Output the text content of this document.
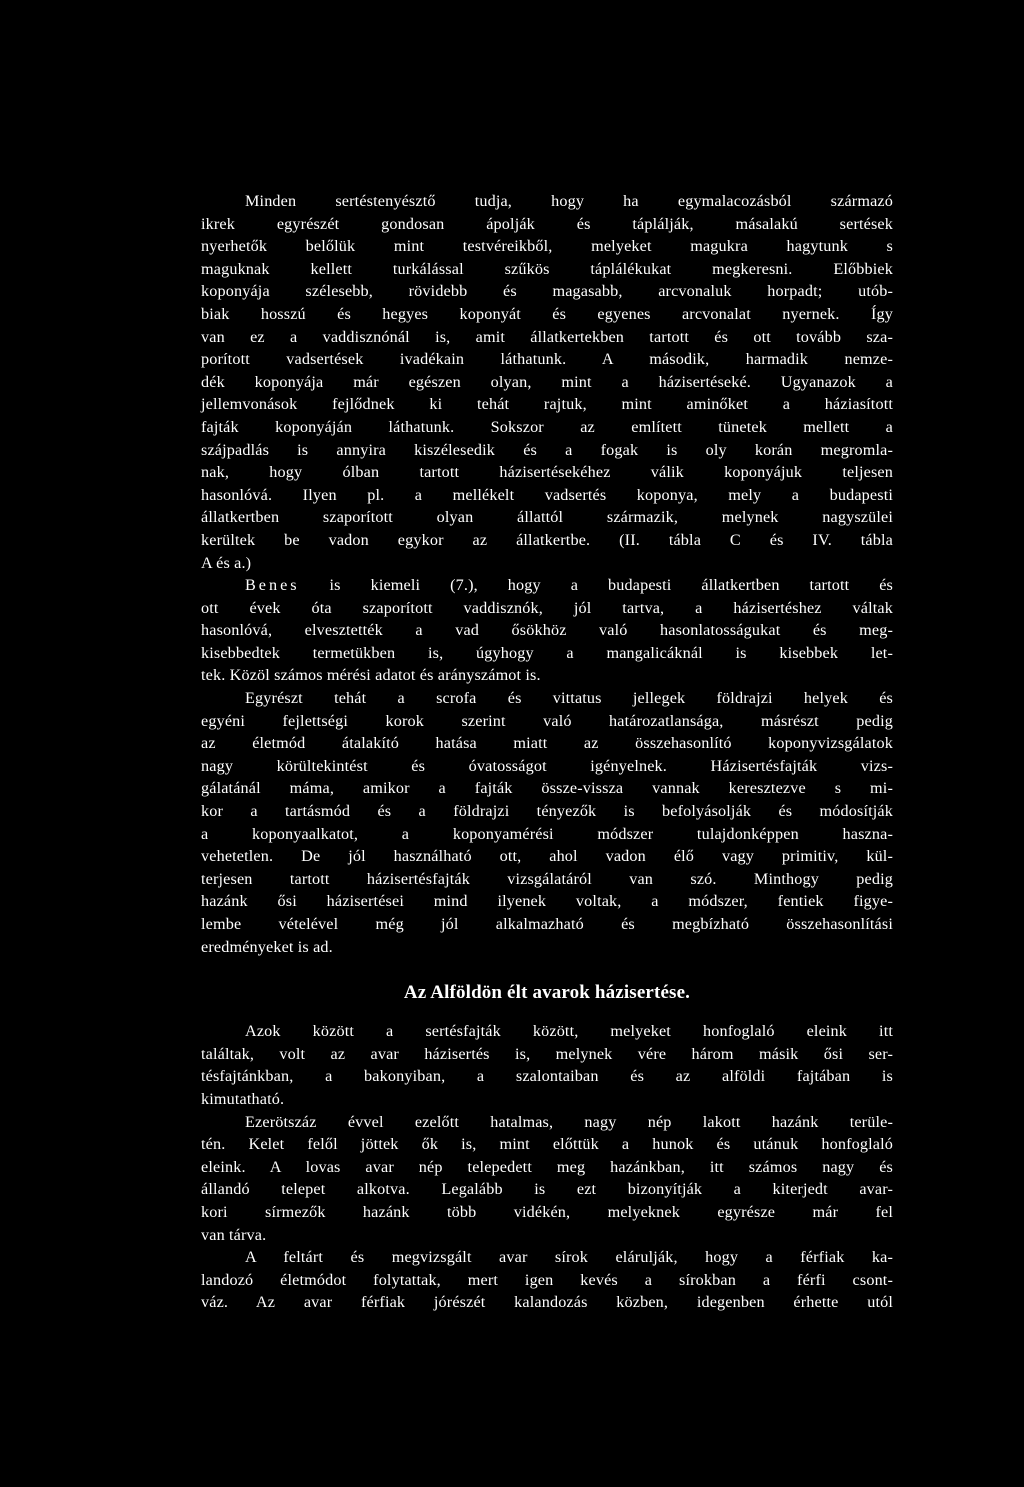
Minden sertéstenyésztő tudja, hogy ha egymalacozásból származó
ikrek egyrészét gondosan ápolják és táplálják, másalakú sertések
nyerhetők belőlük mint testvéreikből, melyeket magukra hagytunk s
maguknak kellett turkálással szűkös táplálékukat megkeresni. Előbbiek
koponyája szélesebb, rövidebb és magasabb, arcvonaluk horpadt; utób-
biak hosszú és hegyes koponyát és egyenes arcvonalat nyernek. Így
van ez a vaddisznónál is, amit állatkertekben tartott és ott tovább sza-
porított vadsertések ivadékain láthatunk. A második, harmadik nemze-
dék koponyája már egészen olyan, mint a házisertéseké. Ugyanazok a
jellemvonások fejlődnek ki tehát rajtuk, mint aminőket a háziasított
fajták koponyáján láthatunk. Sokszor az említett tünetek mellett a
szájpadlás is annyira kiszélesedik és a fogak is oly korán megromla-
nak, hogy ólban tartott házisertésekéhez válik koponyájuk teljesen
hasonlóvá. Ilyen pl. a mellékelt vadsertés koponya, mely a budapesti
állatkertben szaporított olyan állattól származik, melynek nagyszülei
kerültek be vadon egykor az állatkertbe. (II. tábla C és IV. tábla
A és a.)
Benes is kiemeli (7.), hogy a budapesti állatkertben tartott és
ott évek óta szaporított vaddisznók, jól tartva, a házisertéshez váltak
hasonlóvá, elvesztették a vad ősökhöz való hasonlatosságukat és meg-
kisebbedtek termetükben is, úgyhogy a mangalicáknál is kisebbek let-
tek. Közöl számos mérési adatot és arányszámot is.
Egyrészt tehát a scrofa és vittatus jellegek földrajzi helyek és
egyéni fejlettségi korok szerint való határozatlansága, másrészt pedig
az életmód átalakító hatása miatt az összehasonlító koponyvizsgálatok
nagy körültekintést és óvatosságot igényelnek. Házisertésfajták vizs-
gálatánál máma, amikor a fajták össze-vissza vannak keresztezve s mi-
kor a tartásmód és a földrajzi tényezők is befolyásolják és módosítják
a koponyaalkatot, a koponyamérési módszer tulajdonképpen haszna-
vehetetlen. De jól használható ott, ahol vadon élő vagy primitiv, kül-
terjesen tartott házisertésfajták vizsgálatáról van szó. Minthogy pedig
hazánk ősi házisertései mind ilyenek voltak, a módszer, fentiek figye-
lembe vételével még jól alkalmazható és megbízható összehasonlítási
eredményeket is ad.
Az Alföldön élt avarok házisertése.
Azok között a sertésfajták között, melyeket honfoglaló eleink itt
találtak, volt az avar házisertés is, melynek vére három másik ősi ser-
tésfajtánkban, a bakonyiban, a szalontaiban és az alföldi fajtában is
kimutatható.
Ezerötszáz évvel ezelőtt hatalmas, nagy nép lakott hazánk terüle-
tén. Kelet felől jöttek ők is, mint előttük a hunok és utánuk honfoglaló
eleink. A lovas avar nép telepedett meg hazánkban, itt számos nagy és
állandó telepet alkotva. Legalább is ezt bizonyítják a kiterjedt avar-
kori sírmezők hazánk több vidékén, melyeknek egyrésze már fel
van tárva.
A feltárt és megvizsgált avar sírok elárulják, hogy a férfiak ka-
landozó életmódot folytattak, mert igen kevés a sírokban a férfi csont-
váz. Az avar férfiak jórészét kalandozás közben, idegenben érhette utól
